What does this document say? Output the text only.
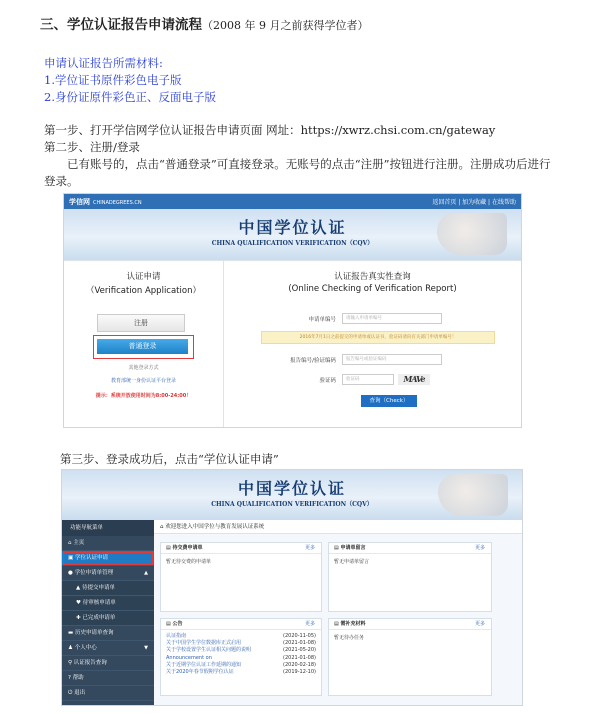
三、学位认证报告申请流程（2008 年 9 月之前获得学位者）
申请认证报告所需材料:
1.学位证书原件彩色电子版
2.身份证原件彩色正、反面电子版

第一步、打开学信网学位认证报告申请页面 网址：https://xwrz.chsi.com.cn/gateway

第二步、注册/登录

已有账号的，点击“普通登录”可直接登录。无账号的点击“注册”按钮进行注册。注册成功后进行登录。

学信网 CHINADEGREES.CN	返回首页 | 加为收藏 | 在线帮助
中国学位认证
CHINA QUALIFICATION VERIFICATION（CQV）
认证申请
（Verification Application）
注册
普通登录
其他登录方式
教育部统一身份认证平台登录
提示：系统开放使用时间为8:00-24:00！
认证报告真实性查询
(Online Checking of Verification Report)
申请单编号	请输入申请单编号
2016年7月1日之前提交的申请单或认证书，验证码请向有关部门申请单编号！
报告编号/验证编码	报告编号或验证编码
验证码	验证码	MAVe
查询（Check）
第三步、登录成功后，点击“学位认证申请”
中国学位认证
CHINA QUALIFICATION VERIFICATION（CQV）
功能导航菜单
⌂ 主页
▣ 学位认证申请
● 学位申请单管理	▲
▲ 待提交申请单
♥ 待审核申请单
✚ 已完成申请单
▬ 历史申请单查询
♟ 个人中心	▼
⚲ 认证报告查询
? 帮助
⏻ 退出
⌂ 欢迎您进入中国学位与教育发展认证系统
▤ 待交费申请单	更多
暂无待交费的申请单
▤ 申请单留言	更多
暂无申请单留言
▤ 公告	更多
认证指南	(2020-11-05)
关于中国学生学位数据库正式启用	(2021-01-08)
关于学校设置学生认证相关问题的说明	(2021-05-20)
Announcement on	(2021-01-08)
关于近期学位认证工作延期的通知	(2020-02-18)
关于2020年春节假期学位认证	(2019-12-10)
▤ 需补充材料	更多
暂无待办任务
